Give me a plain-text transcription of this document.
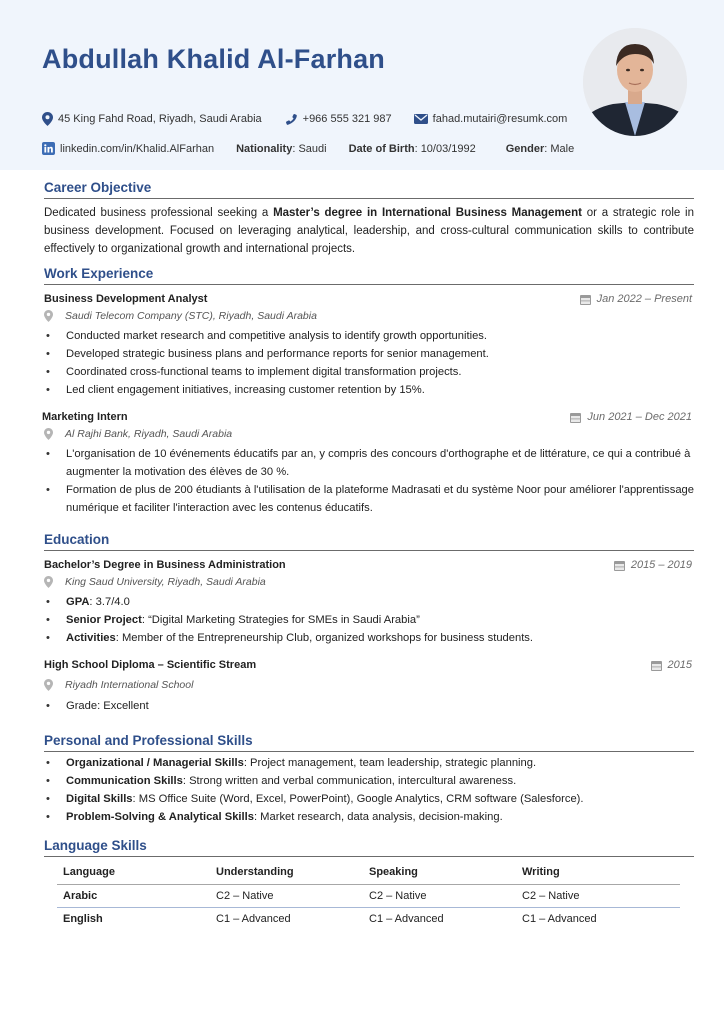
Abdullah Khalid Al-Farhan
45 King Fahd Road, Riyadh, Saudi Arabia	+966 555 321 987	fahad.mutairi@resumk.com
linkedin.com/in/Khalid.AlFarhan Nationality : Saudi Date of Birth : 10/03/1992	Gender : Male
Career Objective
Dedicated business professional seeking a Master’s degree in International Business Management or a strategic role in business development. Focused on leveraging analytical, leadership, and cross-cultural communication skills to contribute effectively to organizational growth and international projects.
Work Experience
Business Development Analyst	Jan 2022 – Present
Saudi Telecom Company (STC), Riyadh, Saudi Arabia
• Conducted market research and competitive analysis to identify growth opportunities.
• Developed strategic business plans and performance reports for senior management.
• Coordinated cross-functional teams to implement digital transformation projects.
• Led client engagement initiatives, increasing customer retention by 15%.
Marketing Intern	Jun 2021 – Dec 2021
Al Rajhi Bank, Riyadh, Saudi Arabia
• L'organisation de 10 événements éducatifs par an, y compris des concours d'orthographe et de littérature, ce qui a contribué à augmenter la motivation des élèves de 30 %.
• Formation de plus de 200 étudiants à l'utilisation de la plateforme Madrasati et du système Noor pour améliorer l'apprentissage numérique et faciliter l'interaction avec les contenus éducatifs.
Education
Bachelor’s Degree in Business Administration	2015 – 2019
King Saud University, Riyadh, Saudi Arabia
• GPA: 3.7/4.0
• Senior Project: “Digital Marketing Strategies for SMEs in Saudi Arabia”
• Activities: Member of the Entrepreneurship Club, organized workshops for business students.
High School Diploma – Scientific Stream	2015
Riyadh International School
• Grade: Excellent
Personal and Professional Skills
• Organizational / Managerial Skills: Project management, team leadership, strategic planning.
• Communication Skills: Strong written and verbal communication, intercultural awareness.
• Digital Skills: MS Office Suite (Word, Excel, PowerPoint), Google Analytics, CRM software (Salesforce).
• Problem-Solving & Analytical Skills: Market research, data analysis, decision-making.
Language Skills
Language	Understanding	Speaking	Writing
Arabic	C2 – Native	C2 – Native	C2 – Native
English	C1 – Advanced	C1 – Advanced	C1 – Advanced
